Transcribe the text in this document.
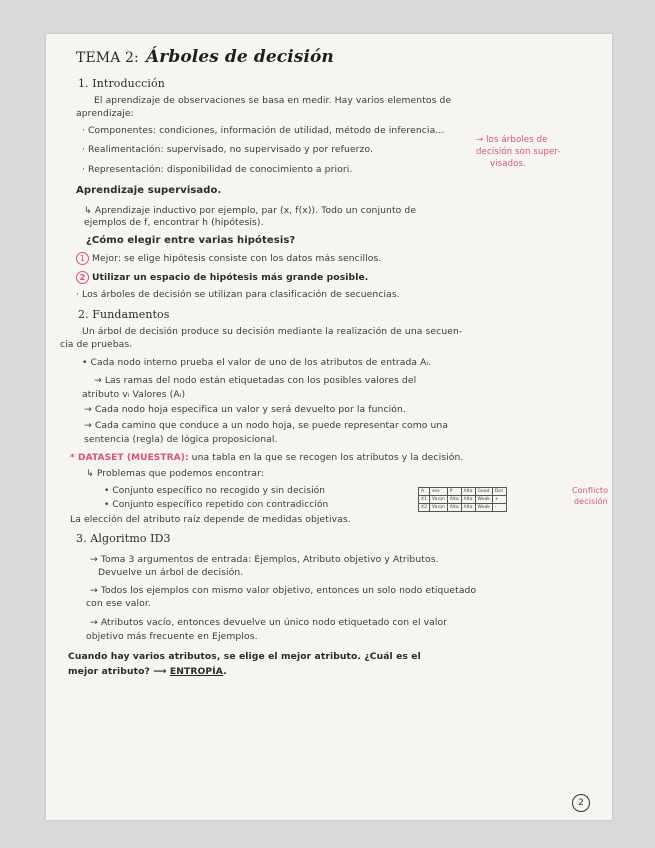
TEMA 2: Árboles de decisión
1. Introducción
El aprendizaje de observaciones se basa en medir. Hay varios elementos de
aprendizaje:
· Componentes: condiciones, información de utilidad, método de inferencia...
· Realimentación: supervisado, no supervisado y por refuerzo.
· Representación: disponibilidad de conocimiento a priori.
→ los árboles de
decisión son super-
visados.
Aprendizaje supervisado.
↳ Aprendizaje inductivo por ejemplo, par (x, f(x)). Todo un conjunto de
ejemplos de f, encontrar h (hipótesis).
¿Cómo elegir entre varias hipótesis?
1 Mejor: se elige hipótesis consiste con los datos más sencillos.
2 Utilizar un espacio de hipótesis más grande posible.
· Los árboles de decisión se utilizan para clasificación de secuencias.
2. Fundamentos
Un árbol de decisión produce su decisión mediante la realización de una secuen-
cia de pruebas.
• Cada nodo interno prueba el valor de uno de los atributos de entrada Aᵢ.
→ Las ramas del nodo están etiquetadas con los posibles valores del
atributo vᵢ Valores (Aᵢ)
→ Cada nodo hoja especifica un valor y será devuelto por la función.
→ Cada camino que conduce a un nodo hoja, se puede representar como una
sentencia (regla) de lógica proposicional.
* DATASET (MUESTRA): una tabla en la que se recogen los atributos y la decisión.
↳ Problemas que podemos encontrar:
• Conjunto específico no recogido y sin decisión
• Conjunto específico repetido con contradicción
La elección del atributo raíz depende de medidas objetivas.
A	sex	P	Alta	Good	Dec
X1	Varon	Alta	Alta	Weak	+
X2	Varon	Alta	Alta	Weak	-
Conflicto
decisión
3. Algoritmo ID3
→ Toma 3 argumentos de entrada: Ejemplos, Atributo objetivo y Atributos.
Devuelve un árbol de decisión.
→ Todos los ejemplos con mismo valor objetivo, entonces un solo nodo etiquetado
con ese valor.
→ Atributos vacío, entonces devuelve un único nodo etiquetado con el valor
objetivo más frecuente en Ejemplos.
Cuando hay varios atributos, se elige el mejor atributo. ¿Cuál es el
mejor atributo? ⟶ ENTROPÍA.
2
